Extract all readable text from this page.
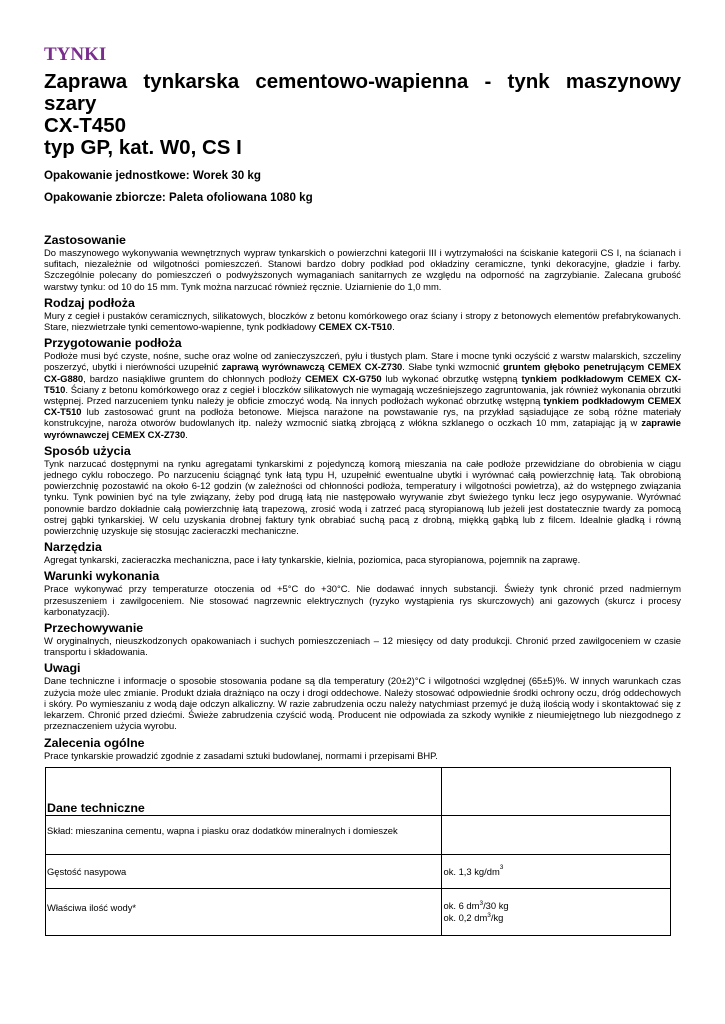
TYNKI
Zaprawa tynkarska cementowo-wapienna - tynk maszynowy
szary
CX-T450
typ GP, kat. W0, CS I
Opakowanie jednostkowe: Worek 30 kg
Opakowanie zbiorcze: Paleta ofoliowana 1080 kg
Zastosowanie

Do maszynowego wykonywania wewnętrznych wypraw tynkarskich o powierzchni kategorii III i wytrzymałości na ściskanie kategorii CS I, na ścianach i sufitach, niezależnie od wilgotności pomieszczeń. Stanowi bardzo dobry podkład pod okładziny ceramiczne, tynki dekoracyjne, gładzie i farby. Szczególnie polecany do pomieszczeń o podwyższonych wymaganiach sanitarnych ze względu na odporność na zagrzybianie. Zalecana grubość warstwy tynku: od 10 do 15 mm. Tynk można narzucać również ręcznie. Uziarnienie do 1,0 mm.

Rodzaj podłoża

Mury z cegieł i pustaków ceramicznych, silikatowych, bloczków z betonu komórkowego oraz ściany i stropy z betonowych elementów prefabrykowanych. Stare, niezwietrzałe tynki cementowo-wapienne, tynk podkładowy CEMEX CX-T510.

Przygotowanie podłoża

Podłoże musi być czyste, nośne, suche oraz wolne od zanieczyszczeń, pyłu i tłustych plam. Stare i mocne tynki oczyścić z warstw malarskich, szczeliny poszerzyć, ubytki i nierówności uzupełnić zaprawą wyrównawczą CEMEX CX-Z730. Słabe tynki wzmocnić gruntem głęboko penetrującym CEMEX CX-G880, bardzo nasiąkliwe gruntem do chłonnych podłoży CEMEX CX-G750 lub wykonać obrzutkę wstępną tynkiem podkładowym CEMEX CX-T510. Ściany z betonu komórkowego oraz z cegieł i bloczków silikatowych nie wymagają wcześniejszego zagruntowania, jak również wykonania obrzutki wstępnej. Przed narzuceniem tynku należy je obficie zmoczyć wodą. Na innych podłożach wykonać obrzutkę wstępną tynkiem podkładowym CEMEX CX-T510 lub zastosować grunt na podłoża betonowe. Miejsca narażone na powstawanie rys, na przykład sąsiadujące ze sobą różne materiały konstrukcyjne, naroża otworów budowlanych itp. należy wzmocnić siatką zbrojącą z włókna szklanego o oczkach 10 mm, zatapiając ją w zaprawie wyrównawczej CEMEX CX-Z730.

Sposób użycia

Tynk narzucać dostępnymi na rynku agregatami tynkarskimi z pojedynczą komorą mieszania na całe podłoże przewidziane do obrobienia w ciągu jednego cyklu roboczego. Po narzuceniu ściągnąć tynk łatą typu H, uzupełnić ewentualne ubytki i wyrównać całą powierzchnię łatą. Tak obrobioną powierzchnię pozostawić na około 6-12 godzin (w zależności od chłonności podłoża, temperatury i wilgotności powietrza), aż do wstępnego związania tynku. Tynk powinien być na tyle związany, żeby pod drugą łatą nie następowało wyrywanie zbyt świeżego tynku lecz jego osypywanie. Wyrównać ponownie bardzo dokładnie całą powierzchnię łatą trapezową, zrosić wodą i zatrzeć pacą styropianową lub jeżeli jest dostatecznie twardy za pomocą ostrej gąbki tynkarskiej. W celu uzyskania drobnej faktury tynk obrabiać suchą pacą z drobną, miękką gąbką lub z filcem. Idealnie gładką i równą powierzchnię uzyskuje się stosując zacieraczki mechaniczne.

Narzędzia

Agregat tynkarski, zacieraczka mechaniczna, pace i łaty tynkarskie, kielnia, poziomica, paca styropianowa, pojemnik na zaprawę.

Warunki wykonania

Prace wykonywać przy temperaturze otoczenia od +5°C do +30°C. Nie dodawać innych substancji. Świeży tynk chronić przed nadmiernym przesuszeniem i zawilgoceniem. Nie stosować nagrzewnic elektrycznych (ryzyko wystąpienia rys skurczowych) ani gazowych (skurcz i procesy karbonatyzacji).

Przechowywanie

W oryginalnych, nieuszkodzonych opakowaniach i suchych pomieszczeniach – 12 miesięcy od daty produkcji. Chronić przed zawilgoceniem w czasie transportu i składowania.

Uwagi

Dane techniczne i informacje o sposobie stosowania podane są dla temperatury (20±2)°C i wilgotności względnej (65±5)%. W innych warunkach czas zużycia może ulec zmianie. Produkt działa drażniąco na oczy i drogi oddechowe. Należy stosować odpowiednie środki ochrony oczu, dróg oddechowych i skóry. Po wymieszaniu z wodą daje odczyn alkaliczny. W razie zabrudzenia oczu należy natychmiast przemyć je dużą ilością wody i skontaktować się z lekarzem. Chronić przed dziećmi. Świeże zabrudzenia czyścić wodą. Producent nie odpowiada za szkody wynikłe z nieumiejętnego lub niezgodnego z przeznaczeniem użycia wyrobu.

Zalecenia ogólne

Prace tynkarskie prowadzić zgodnie z zasadami sztuki budowlanej, normami i przepisami BHP.

Dane techniczne	
Skład: mieszanina cementu, wapna i piasku oraz dodatków mineralnych i domieszek	
Gęstość nasypowa	ok. 1,3 $kg/dm^3$
Właściwa ilość wody*	ok. 6 $dm^3/30$ kg
ok. 0,2 $dm^3/kg$
